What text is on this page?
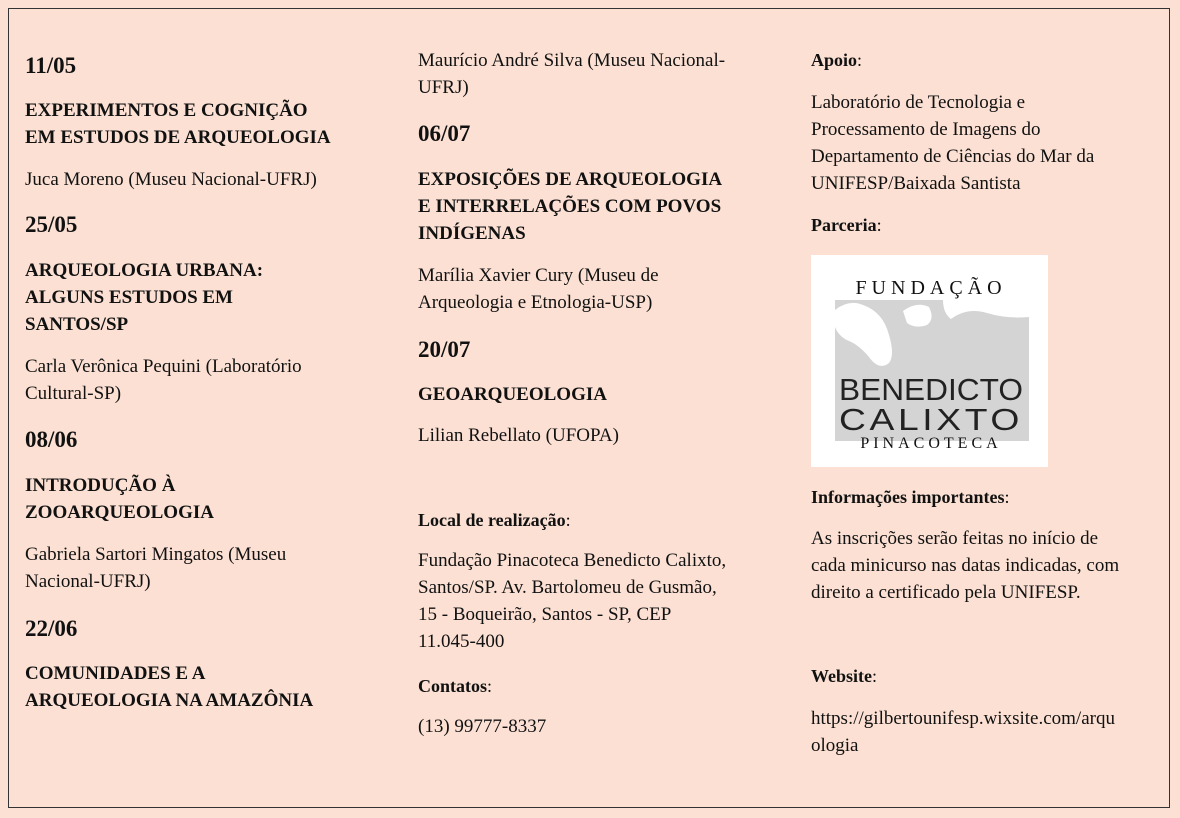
11/05

EXPERIMENTOS E COGNIÇÃO
EM ESTUDOS DE ARQUEOLOGIA

Juca Moreno (Museu Nacional-UFRJ)

25/05

ARQUEOLOGIA URBANA:
ALGUNS ESTUDOS EM
SANTOS/SP

Carla Verônica Pequini (Laboratório
Cultural-SP)

08/06

INTRODUÇÃO À
ZOOARQUEOLOGIA

Gabriela Sartori Mingatos (Museu
Nacional-UFRJ)

22/06

COMUNIDADES E A
ARQUEOLOGIA NA AMAZÔNIA

Maurício André Silva (Museu Nacional-
UFRJ)

06/07

EXPOSIÇÕES DE ARQUEOLOGIA
E INTERRELAÇÕES COM POVOS
INDÍGENAS

Marília Xavier Cury (Museu de
Arqueologia e Etnologia-USP)

20/07

GEOARQUEOLOGIA

Lilian Rebellato (UFOPA)

Local de realização:

Fundação Pinacoteca Benedicto Calixto,
Santos/SP. Av. Bartolomeu de Gusmão,
15 - Boqueirão, Santos - SP, CEP
11.045-400

Contatos:

(13) 99777-8337

Apoio:

Laboratório de Tecnologia e
Processamento de Imagens do
Departamento de Ciências do Mar da
UNIFESP/Baixada Santista

Parceria:

Informações importantes:

As inscrições serão feitas no início de
cada minicurso nas datas indicadas, com
direito a certificado pela UNIFESP.

Website:

https://gilbertounifesp.wixsite.com/arqu
ologia

FUNDAÇÃO
BENEDICTO
CALIXTO
PINACOTECA
